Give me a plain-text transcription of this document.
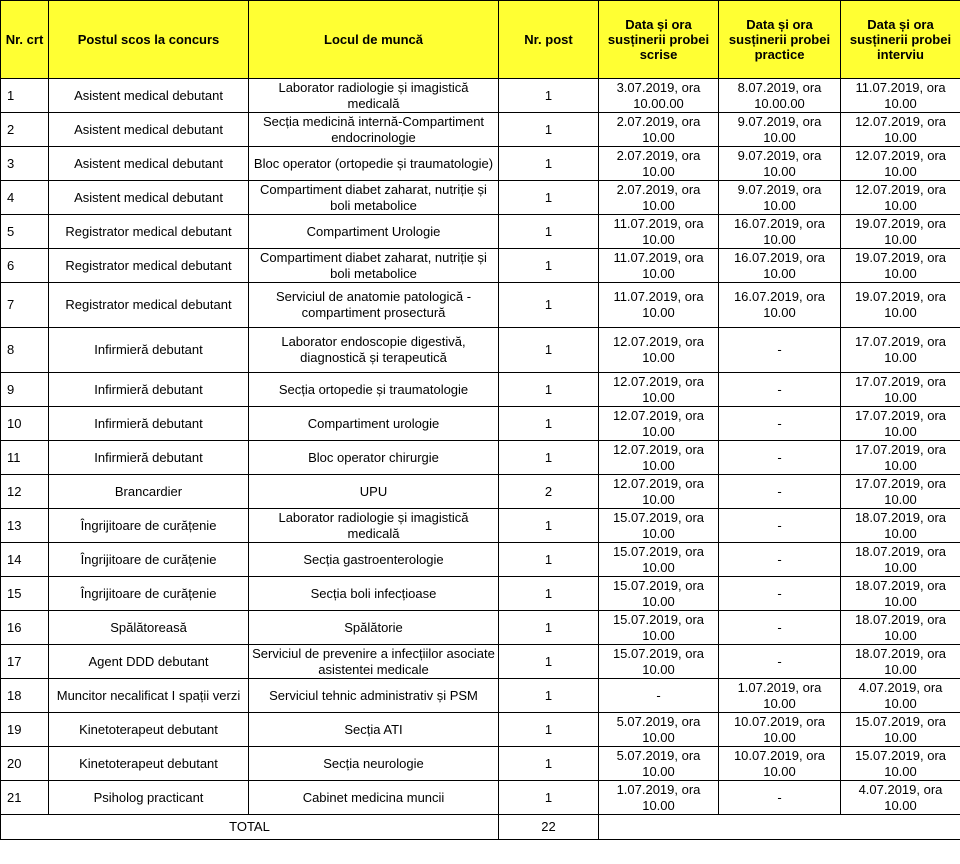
Nr. crt	Postul scos la concurs	Locul de muncă	Nr. post	Data și ora susținerii probei scrise	Data și ora susținerii probei practice	Data și ora susținerii probei interviu
1	Asistent medical debutant	Laborator radiologie și imagistică medicală	1	3.07.2019, ora 10.00.00	8.07.2019, ora 10.00.00	11.07.2019, ora 10.00
2	Asistent medical debutant	Secția medicină internă-Compartiment endocrinologie	1	2.07.2019, ora 10.00	9.07.2019, ora 10.00	12.07.2019, ora 10.00
3	Asistent medical debutant	Bloc operator (ortopedie și traumatologie)	1	2.07.2019, ora 10.00	9.07.2019, ora 10.00	12.07.2019, ora 10.00
4	Asistent medical debutant	Compartiment diabet zaharat, nutriție și boli metabolice	1	2.07.2019, ora 10.00	9.07.2019, ora 10.00	12.07.2019, ora 10.00
5	Registrator medical debutant	Compartiment Urologie	1	11.07.2019, ora 10.00	16.07.2019, ora 10.00	19.07.2019, ora 10.00
6	Registrator medical debutant	Compartiment diabet zaharat, nutriție și boli metabolice	1	11.07.2019, ora 10.00	16.07.2019, ora 10.00	19.07.2019, ora 10.00
7	Registrator medical debutant	Serviciul de anatomie patologică - compartiment prosectură	1	11.07.2019, ora 10.00	16.07.2019, ora 10.00	19.07.2019, ora 10.00
8	Infirmieră debutant	Laborator endoscopie digestivă, diagnostică și terapeutică	1	12.07.2019, ora 10.00	-	17.07.2019, ora 10.00
9	Infirmieră debutant	Secția ortopedie și traumatologie	1	12.07.2019, ora 10.00	-	17.07.2019, ora 10.00
10	Infirmieră debutant	Compartiment urologie	1	12.07.2019, ora 10.00	-	17.07.2019, ora 10.00
11	Infirmieră debutant	Bloc operator chirurgie	1	12.07.2019, ora 10.00	-	17.07.2019, ora 10.00
12	Brancardier	UPU	2	12.07.2019, ora 10.00	-	17.07.2019, ora 10.00
13	Îngrijitoare de curățenie	Laborator radiologie și imagistică medicală	1	15.07.2019, ora 10.00	-	18.07.2019, ora 10.00
14	Îngrijitoare de curățenie	Secția gastroenterologie	1	15.07.2019, ora 10.00	-	18.07.2019, ora 10.00
15	Îngrijitoare de curățenie	Secția boli infecțioase	1	15.07.2019, ora 10.00	-	18.07.2019, ora 10.00
16	Spălătoreasă	Spălătorie	1	15.07.2019, ora 10.00	-	18.07.2019, ora 10.00
17	Agent DDD debutant	Serviciul de prevenire a infecțiilor asociate asistentei medicale	1	15.07.2019, ora 10.00	-	18.07.2019, ora 10.00
18	Muncitor necalificat I spații verzi	Serviciul tehnic administrativ și PSM	1	-	1.07.2019, ora 10.00	4.07.2019, ora 10.00
19	Kinetoterapeut debutant	Secția ATI	1	5.07.2019, ora 10.00	10.07.2019, ora 10.00	15.07.2019, ora 10.00
20	Kinetoterapeut debutant	Secția neurologie	1	5.07.2019, ora 10.00	10.07.2019, ora 10.00	15.07.2019, ora 10.00
21	Psiholog practicant	Cabinet medicina muncii	1	1.07.2019, ora 10.00	-	4.07.2019, ora 10.00
TOTAL			22			
